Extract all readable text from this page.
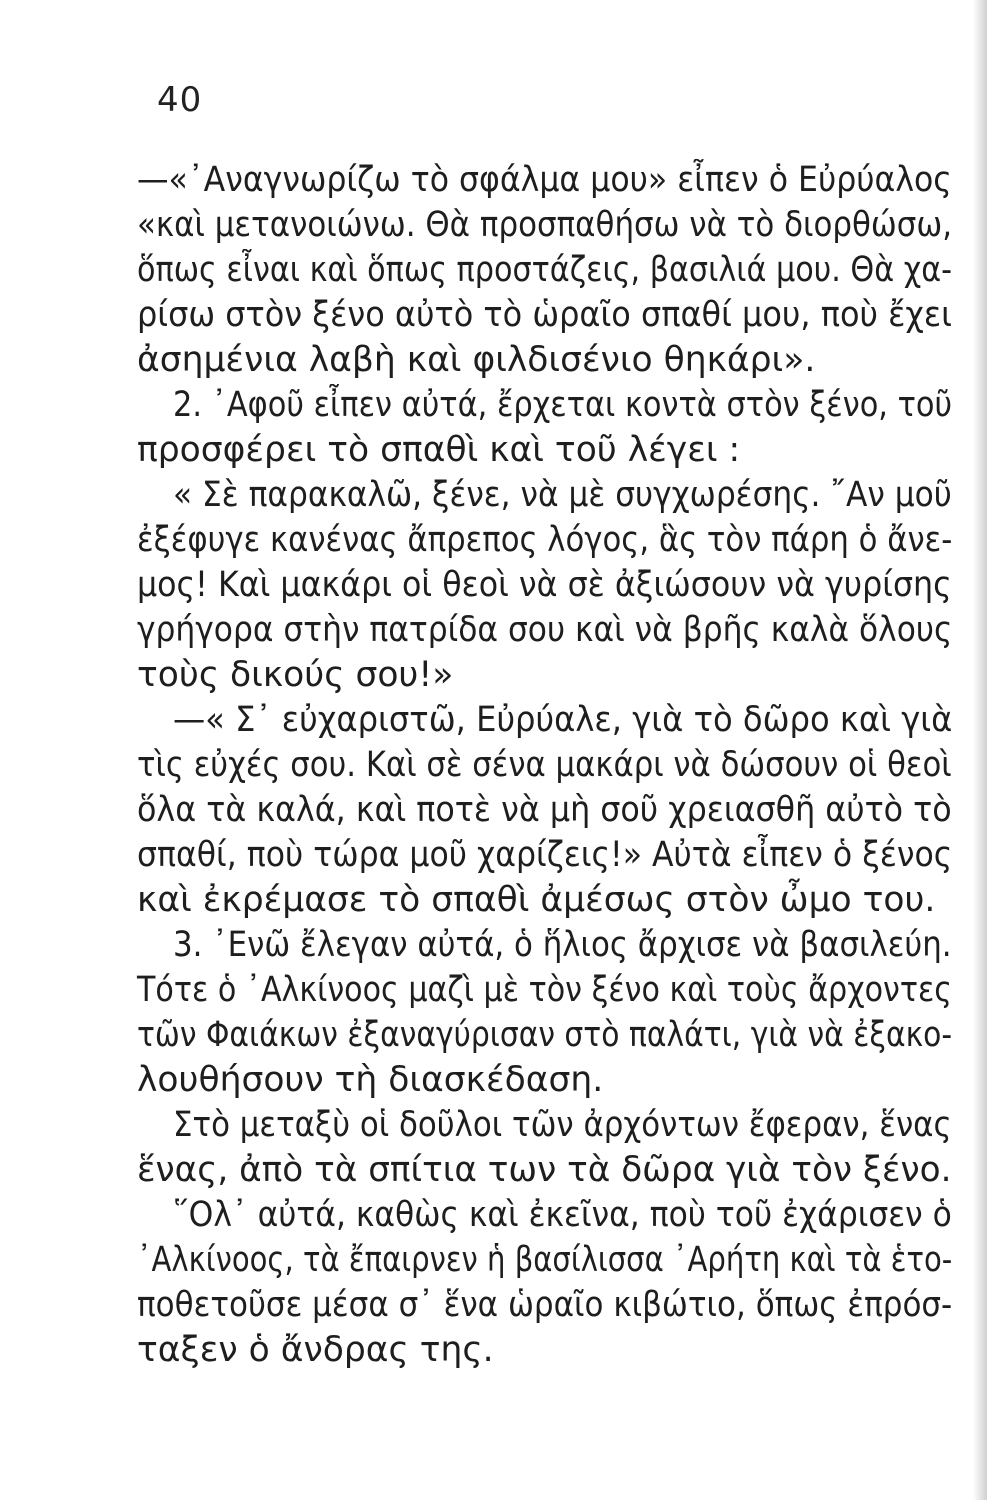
40
—«᾿Αναγνωρίζω τὸ σφάλμα μου» εἶπεν ὁ Εὐρύαλος
«καὶ μετανοιώνω. Θὰ προσπαθήσω νὰ τὸ διορθώσω,
ὅπως εἶναι καὶ ὅπως προστάζεις, βασιλιά μου. Θὰ χα-
ρίσω στὸν ξένο αὐτὸ τὸ ὡραῖο σπαθί μου, ποὺ ἔχει
ἀσημένια λαβὴ καὶ φιλδισένιο θηκάρι».
2. ᾿Αφοῦ εἶπεν αὐτά, ἔρχεται κοντὰ στὸν ξένο, τοῦ
προσφέρει τὸ σπαθὶ καὶ τοῦ λέγει :
« Σὲ παρακαλῶ, ξένε, νὰ μὲ συγχωρέσης. ῎Αν μοῦ
ἐξέφυγε κανένας ἄπρεπος λόγος, ἃς τὸν πάρη ὁ ἄνε-
μος! Καὶ μακάρι οἱ θεοὶ νὰ σὲ ἀξιώσουν νὰ γυρίσης
γρήγορα στὴν πατρίδα σου καὶ νὰ βρῆς καλὰ ὅλους
τοὺς δικούς σου!»
—« Σ᾿ εὐχαριστῶ, Εὐρύαλε, γιὰ τὸ δῶρο καὶ γιὰ
τὶς εὐχές σου. Καὶ σὲ σένα μακάρι νὰ δώσουν οἱ θεοὶ
ὅλα τὰ καλά, καὶ ποτὲ νὰ μὴ σοῦ χρειασθῆ αὐτὸ τὸ
σπαθί, ποὺ τώρα μοῦ χαρίζεις!» Αὐτὰ εἶπεν ὁ ξένος
καὶ ἐκρέμασε τὸ σπαθὶ ἀμέσως στὸν ὦμο του.
3. ᾿Ενῶ ἔλεγαν αὐτά, ὁ ἥλιος ἄρχισε νὰ βασιλεύη.
Τότε ὁ ᾿Αλκίνοος μαζὶ μὲ τὸν ξένο καὶ τοὺς ἄρχοντες
τῶν Φαιάκων ἐξαναγύρισαν στὸ παλάτι, γιὰ νὰ ἐξακο-
λουθήσουν τὴ διασκέδαση.
Στὸ μεταξὺ οἱ δοῦλοι τῶν ἀρχόντων ἔφεραν, ἕνας
ἕνας, ἀπὸ τὰ σπίτια των τὰ δῶρα γιὰ τὸν ξένο.
῞Ολ᾿ αὐτά, καθὼς καὶ ἐκεῖνα, ποὺ τοῦ ἐχάρισεν ὁ
᾿Αλκίνοος, τὰ ἔπαιρνεν ἡ βασίλισσα ᾿Αρήτη καὶ τὰ ἑτο-
ποθετοῦσε μέσα σ᾿ ἕνα ὡραῖο κιβώτιο, ὅπως ἐπρόσ-
ταξεν ὁ ἄνδρας της.
